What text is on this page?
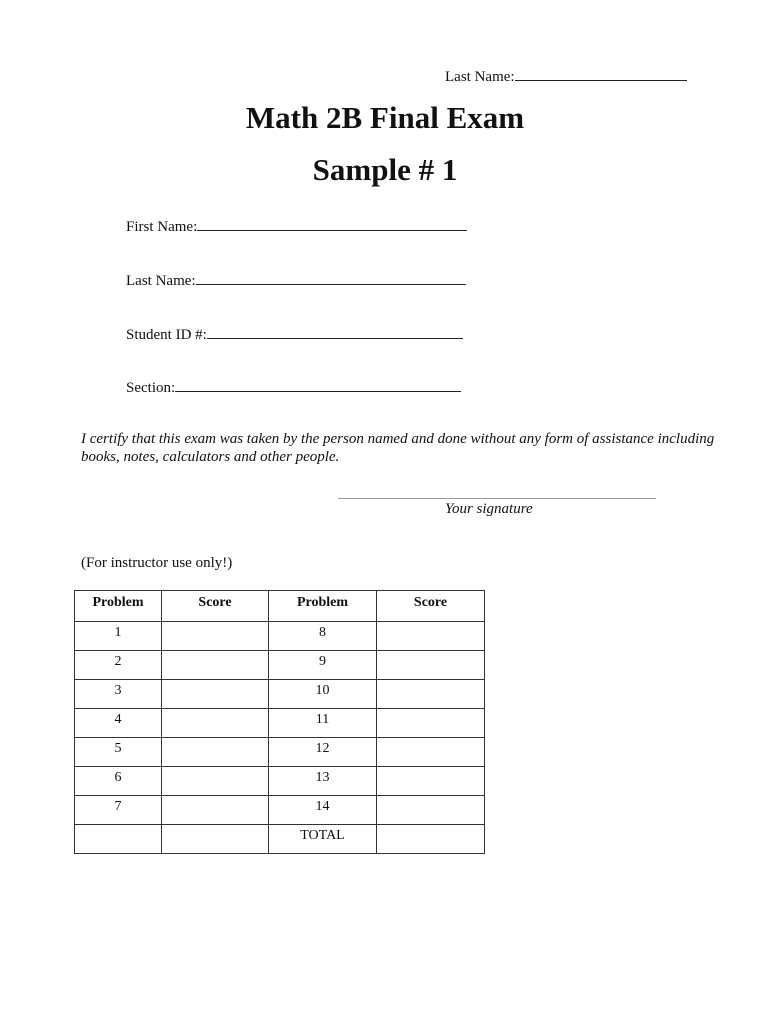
Last Name:
Math 2B Final Exam
Sample # 1
First Name:
Last Name:
Student ID #:
Section:
I certify that this exam was taken by the person named and done without any form of assistance including books, notes, calculators and other people.
Your signature
(For instructor use only!)
Problem	Score	Problem	Score
1		8	
2		9	
3		10	
4		11	
5		12	
6		13	
7		14	
		TOTAL	
